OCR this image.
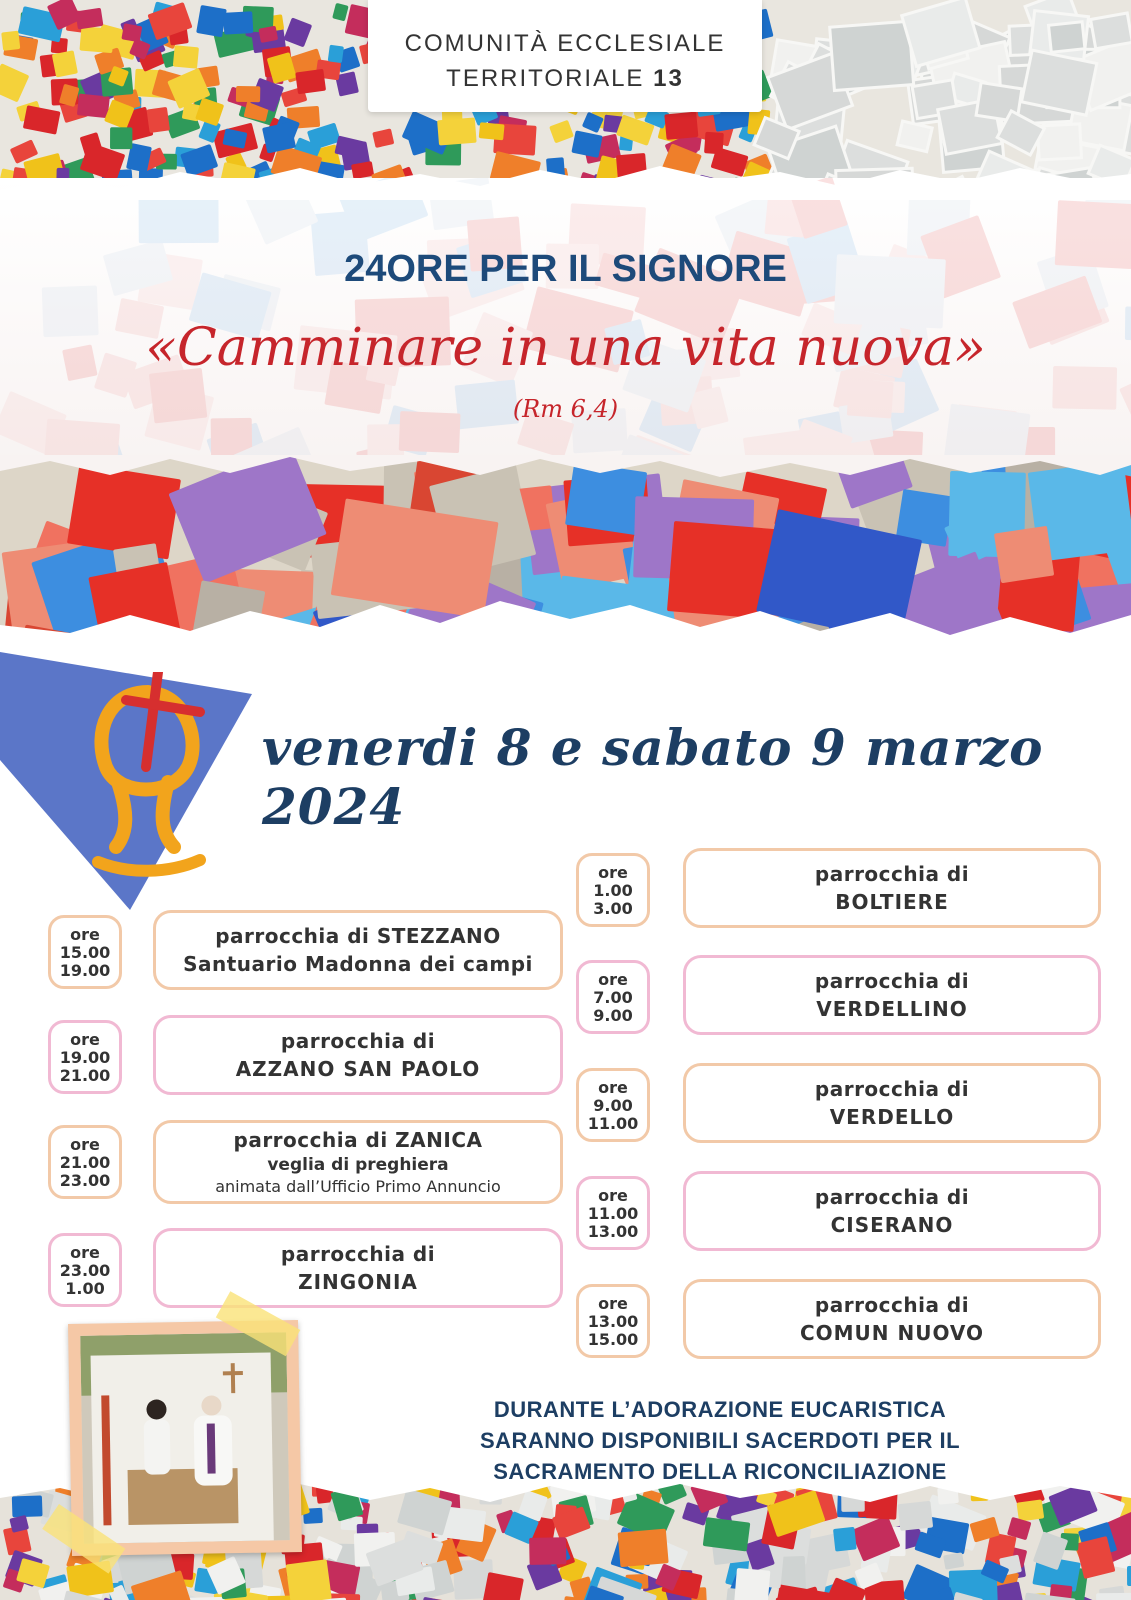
COMUNITÀ ECCLESIALE
TERRITORIALE 13
24ORE PER IL SIGNORE
«Camminare in una vita nuova»
(Rm 6,4)
venerdi 8 e sabato 9 marzo 2024
ore
15.00
19.00
parrocchia di STEZZANO
Santuario Madonna dei campi
ore
19.00
21.00
parrocchia di
AZZANO SAN PAOLO
ore
21.00
23.00
parrocchia di ZANICA
veglia di preghiera
animata dall’Ufficio Primo Annuncio
ore
23.00
1.00
parrocchia di
ZINGONIA
ore
1.00
3.00
parrocchia di
BOLTIERE
ore
7.00
9.00
parrocchia di
VERDELLINO
ore
9.00
11.00
parrocchia di
VERDELLO
ore
11.00
13.00
parrocchia di
CISERANO
ore
13.00
15.00
parrocchia di
COMUN NUOVO
DURANTE L’ADORAZIONE EUCARISTICA
SARANNO DISPONIBILI SACERDOTI PER IL
SACRAMENTO DELLA RICONCILIAZIONE
